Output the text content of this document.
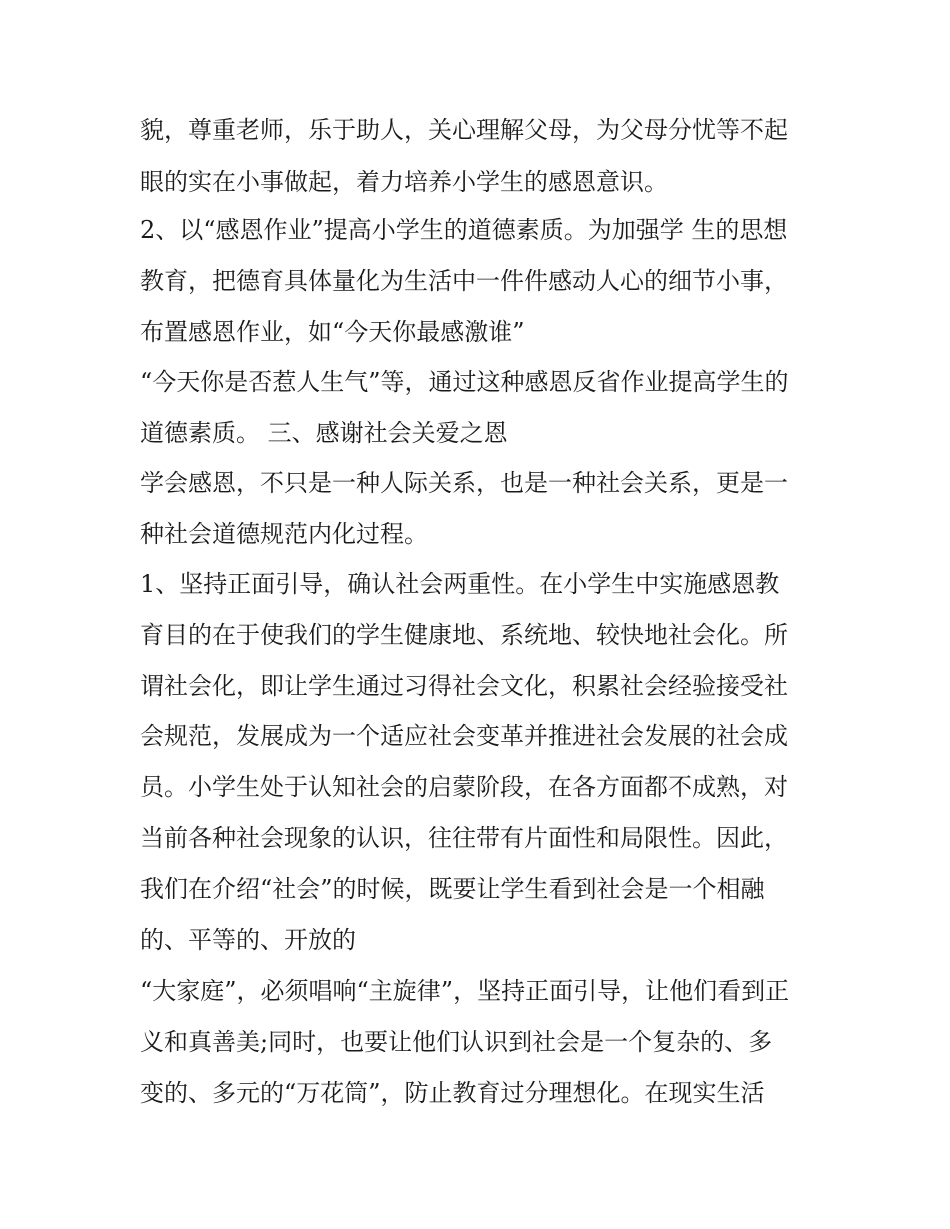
貌，尊重老师，乐于助人，关心理解父母，为父母分忧等不起

眼的实在小事做起，着力培养小学生的感恩意识。

2、以“感恩作业”提高小学生的道德素质。为加强学 生的思想

教育，把德育具体量化为生活中一件件感动人心的细节小事，

布置感恩作业，如“今天你最感激谁”

“今天你是否惹人生气”等，通过这种感恩反省作业提高学生的

道德素质。 三、感谢社会关爱之恩

学会感恩，不只是一种人际关系，也是一种社会关系，更是一

种社会道德规范内化过程。

1、坚持正面引导，确认社会两重性。在小学生中实施感恩教

育目的在于使我们的学生健康地、系统地、较快地社会化。所

谓社会化，即让学生通过习得社会文化，积累社会经验接受社

会规范，发展成为一个适应社会变革并推进社会发展的社会成

员。小学生处于认知社会的启蒙阶段，在各方面都不成熟，对

当前各种社会现象的认识，往往带有片面性和局限性。因此，

我们在介绍“社会”的时候，既要让学生看到社会是一个相融

的、平等的、开放的

“大家庭”，必须唱响“主旋律”，坚持正面引导，让他们看到正

义和真善美;同时，也要让他们认识到社会是一个复杂的、多

变的、多元的“万花筒”，防止教育过分理想化。在现实生活
